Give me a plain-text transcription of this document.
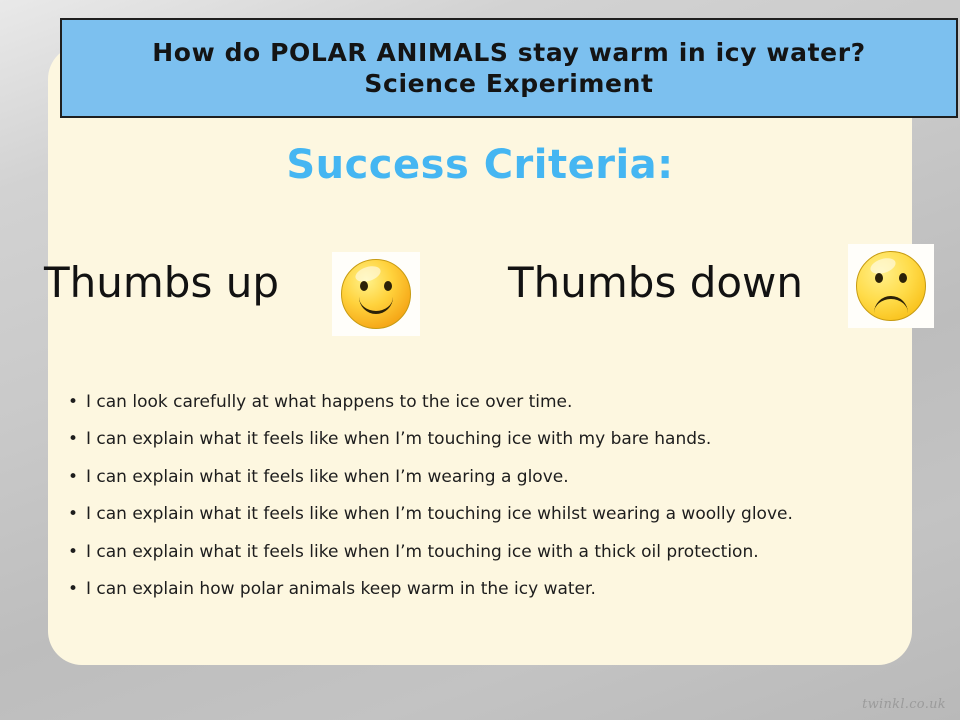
How do POLAR ANIMALS stay warm in icy water?
Science Experiment
Success Criteria:
Thumbs up	Thumbs down
• I can look carefully at what happens to the ice over time.
• I can explain what it feels like when I’m touching ice with my bare hands.
• I can explain what it feels like when I’m wearing a glove.
• I can explain what it feels like when I’m touching ice whilst wearing a woolly glove.
• I can explain what it feels like when I’m touching ice with a thick oil protection.
• I can explain how polar animals keep warm in the icy water.
twinkl.co.uk
